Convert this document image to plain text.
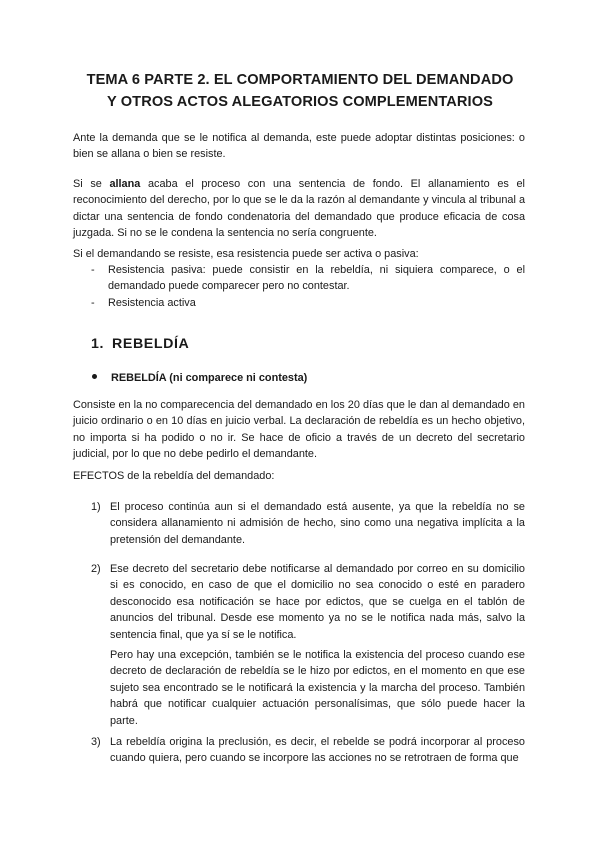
TEMA 6 PARTE 2. EL COMPORTAMIENTO DEL DEMANDADO
Y OTROS ACTOS ALEGATORIOS COMPLEMENTARIOS

Ante la demanda que se le notifica al demanda, este puede adoptar distintas posiciones: o bien se allana o bien se resiste.

Si se allana acaba el proceso con una sentencia de fondo. El allanamiento es el reconocimiento del derecho, por lo que se le da la razón al demandante y vincula al tribunal a dictar una sentencia de fondo condenatoria del demandado que produce eficacia de cosa juzgada. Si no se le condena la sentencia no sería congruente.

Si el demandando se resiste, esa resistencia puede ser activa o pasiva:

- Resistencia pasiva: puede consistir en la rebeldía, ni siquiera comparece, o el demandado puede comparecer pero no contestar.
- Resistencia activa
1. REBELDÍA

REBELDÍA (ni comparece ni contesta)

Consiste en la no comparecencia del demandado en los 20 días que le dan al demandado en juicio ordinario o en 10 días en juicio verbal. La declaración de rebeldía es un hecho objetivo, no importa si ha podido o no ir. Se hace de oficio a través de un decreto del secretario judicial, por lo que no debe pedirlo el demandante.

EFECTOS de la rebeldía del demandado:

1) El proceso continúa aun si el demandado está ausente, ya que la rebeldía no se considera allanamiento ni admisión de hecho, sino como una negativa implícita a la pretensión del demandante.
2) Ese decreto del secretario debe notificarse al demandado por correo en su domicilio si es conocido, en caso de que el domicilio no sea conocido o esté en paradero desconocido esa notificación se hace por edictos, que se cuelga en el tablón de anuncios del tribunal. Desde ese momento ya no se le notifica nada más, salvo la sentencia final, que ya sí se le notifica.

Pero hay una excepción, también se le notifica la existencia del proceso cuando ese decreto de declaración de rebeldía se le hizo por edictos, en el momento en que ese sujeto sea encontrado se le notificará la existencia y la marcha del proceso. También habrá que notificar cualquier actuación personalísimas, que sólo puede hacer la parte.

3) La rebeldía origina la preclusión, es decir, el rebelde se podrá incorporar al proceso cuando quiera, pero cuando se incorpore las acciones no se retrotraen de forma que
